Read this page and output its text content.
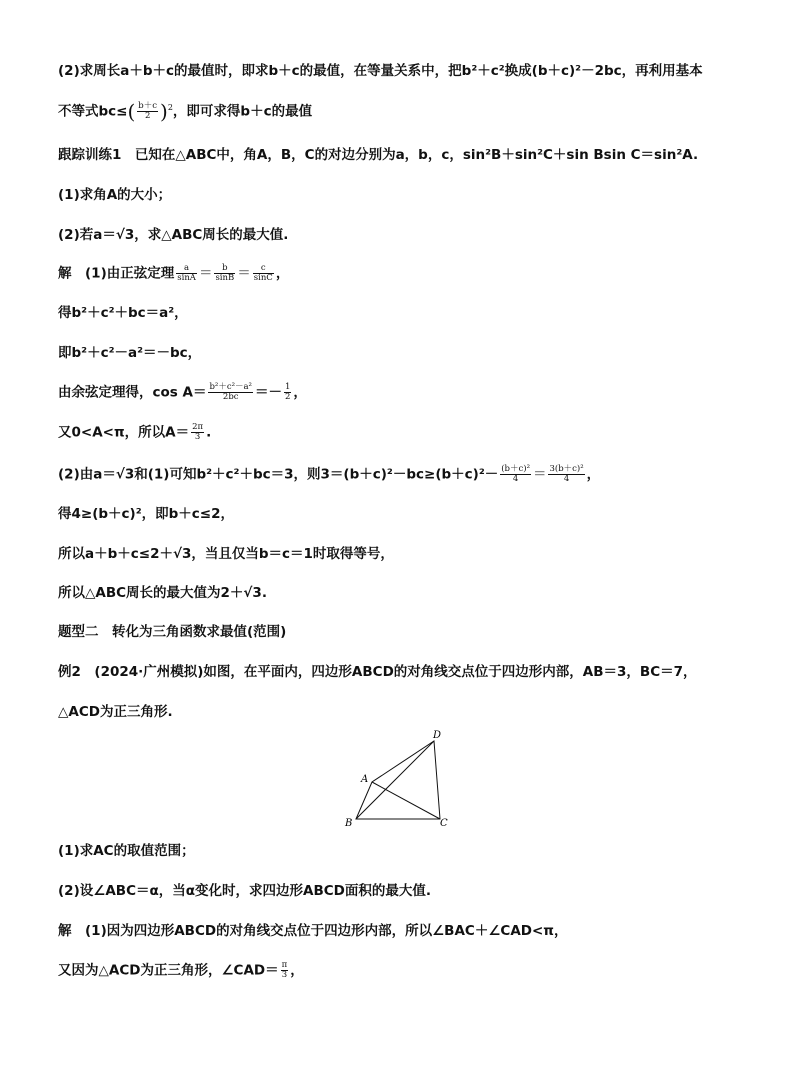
(2)求周长a＋b＋c的最值时，即求b＋c的最值，在等量关系中，把b²＋c²换成(b＋c)²－2bc，再利用基本
不等式$bc\le( \frac{b+c}{2} )^2$，即可求得b＋c的最值
跟踪训练1　已知在△ABC中，角A，B，C的对边分别为a，b，c，sin²B＋sin²C＋sin Bsin C＝sin²A.
(1)求角A的大小；
(2)若a＝√3，求△ABC周长的最大值.
解　(1)由正弦定理 $\frac{a}{\sin A} = \frac{b}{\sin B} = \frac{c}{\sin C}$ ，
得b²＋c²＋bc＝a²，
即b²＋c²－a²＝－bc，
由余弦定理得，$\cos A= \frac{\text{b²＋c²－a²}}{2bc} =- \frac{1}{2}$ ，
又0<A<π，所以$A= \frac{2\pi}{3}$ .
(2)由a＝√3和(1)可知b²＋c²＋bc＝3，则$3=(b+c)^2-bc\ge(b+c)^2- \frac{\text{(b＋c)²}}{4} = \frac{\text{3(b＋c)²}}{4}$ ，
得4≥(b＋c)²，即b＋c≤2，
所以a＋b＋c≤2＋√3，当且仅当b＝c＝1时取得等号，
所以△ABC周长的最大值为2＋√3.
题型二　转化为三角函数求最值(范围)
例2　(2024·广州模拟)如图，在平面内，四边形ABCD的对角线交点位于四边形内部，AB＝3，BC＝7，
△ACD为正三角形.
D
A
B	C
(1)求AC的取值范围；
(2)设∠ABC＝α，当α变化时，求四边形ABCD面积的最大值.
解　(1)因为四边形ABCD的对角线交点位于四边形内部，所以∠BAC＋∠CAD<π，
又因为△ACD为正三角形，∠CAD＝ $\frac{\pi}{3}$ ，
